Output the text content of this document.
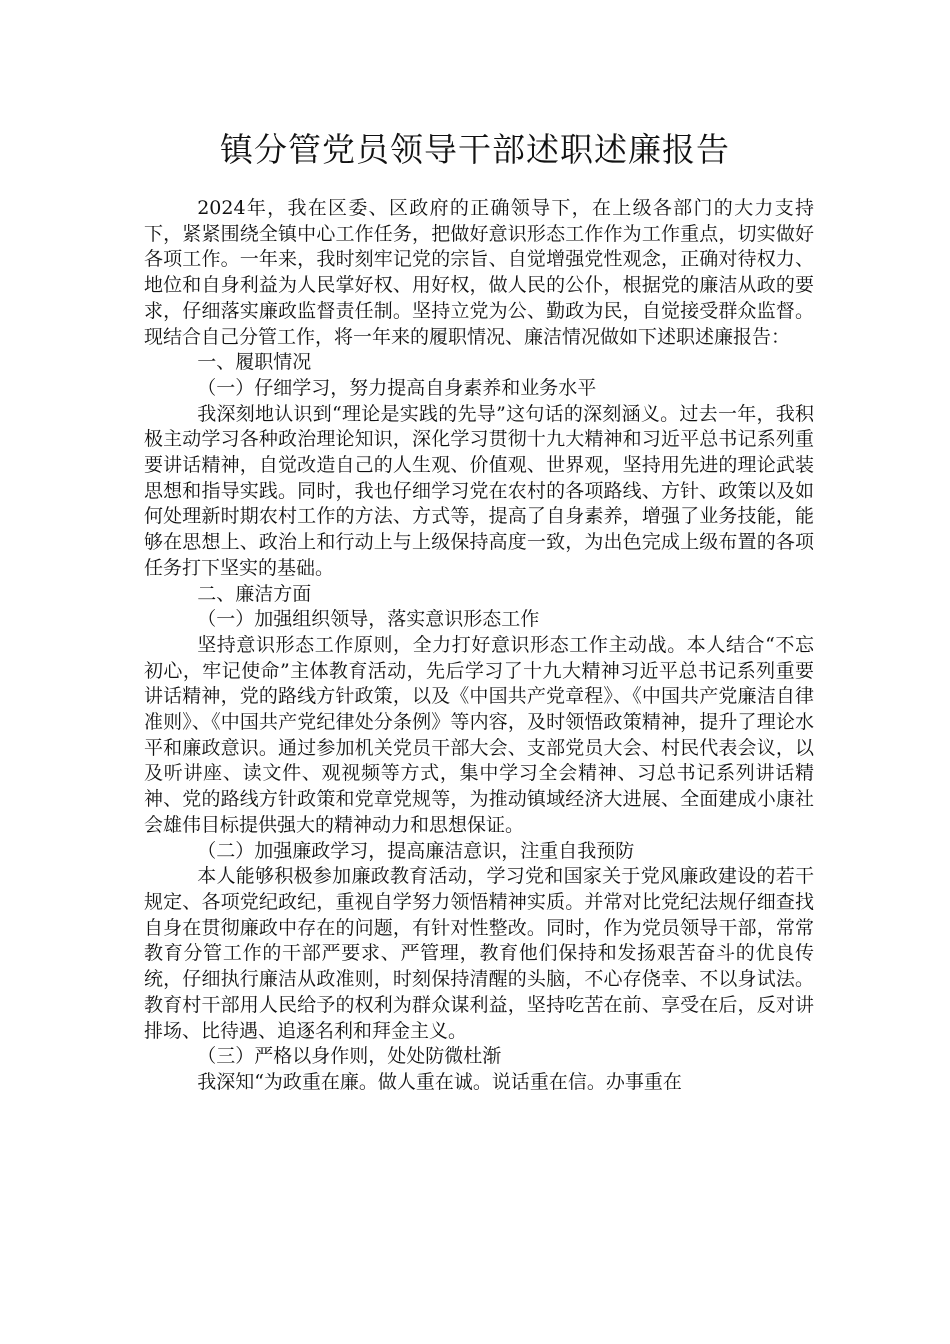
镇分管党员领导干部述职述廉报告

2024年，我在区委、区政府的正确领导下，在上级各部门的大力支持下，紧紧围绕全镇中心工作任务，把做好意识形态工作作为工作重点，切实做好各项工作。一年来，我时刻牢记党的宗旨、自觉增强党性观念，正确对待权力、地位和自身利益为人民掌好权、用好权，做人民的公仆，根据党的廉洁从政的要求，仔细落实廉政监督责任制。坚持立党为公、勤政为民，自觉接受群众监督。现结合自己分管工作，将一年来的履职情况、廉洁情况做如下述职述廉报告：

一、履职情况

（一）仔细学习，努力提高自身素养和业务水平

我深刻地认识到“理论是实践的先导”这句话的深刻涵义。过去一年，我积极主动学习各种政治理论知识，深化学习贯彻十九大精神和习近平总书记系列重要讲话精神，自觉改造自己的人生观、价值观、世界观，坚持用先进的理论武装思想和指导实践。同时，我也仔细学习党在农村的各项路线、方针、政策以及如何处理新时期农村工作的方法、方式等，提高了自身素养，增强了业务技能，能够在思想上、政治上和行动上与上级保持高度一致，为出色完成上级布置的各项任务打下坚实的基础。

二、廉洁方面

（一）加强组织领导，落实意识形态工作

坚持意识形态工作原则，全力打好意识形态工作主动战。本人结合“不忘初心，牢记使命”主体教育活动，先后学习了十九大精神习近平总书记系列重要讲话精神，党的路线方针政策，以及《中国共产党章程》、《中国共产党廉洁自律准则》、《中国共产党纪律处分条例》等内容，及时领悟政策精神，提升了理论水平和廉政意识。通过参加机关党员干部大会、支部党员大会、村民代表会议，以及听讲座、读文件、观视频等方式，集中学习全会精神、习总书记系列讲话精神、党的路线方针政策和党章党规等，为推动镇域经济大进展、全面建成小康社会雄伟目标提供强大的精神动力和思想保证。

（二）加强廉政学习，提高廉洁意识，注重自我预防

本人能够积极参加廉政教育活动，学习党和国家关于党风廉政建设的若干规定、各项党纪政纪，重视自学努力领悟精神实质。并常对比党纪法规仔细查找自身在贯彻廉政中存在的问题，有针对性整改。同时，作为党员领导干部，常常教育分管工作的干部严要求、严管理，教育他们保持和发扬艰苦奋斗的优良传统，仔细执行廉洁从政准则，时刻保持清醒的头脑，不心存侥幸、不以身试法。教育村干部用人民给予的权利为群众谋利益，坚持吃苦在前、享受在后，反对讲排场、比待遇、追逐名利和拜金主义。

（三）严格以身作则，处处防微杜渐

我深知“为政重在廉。做人重在诚。说话重在信。办事重在
